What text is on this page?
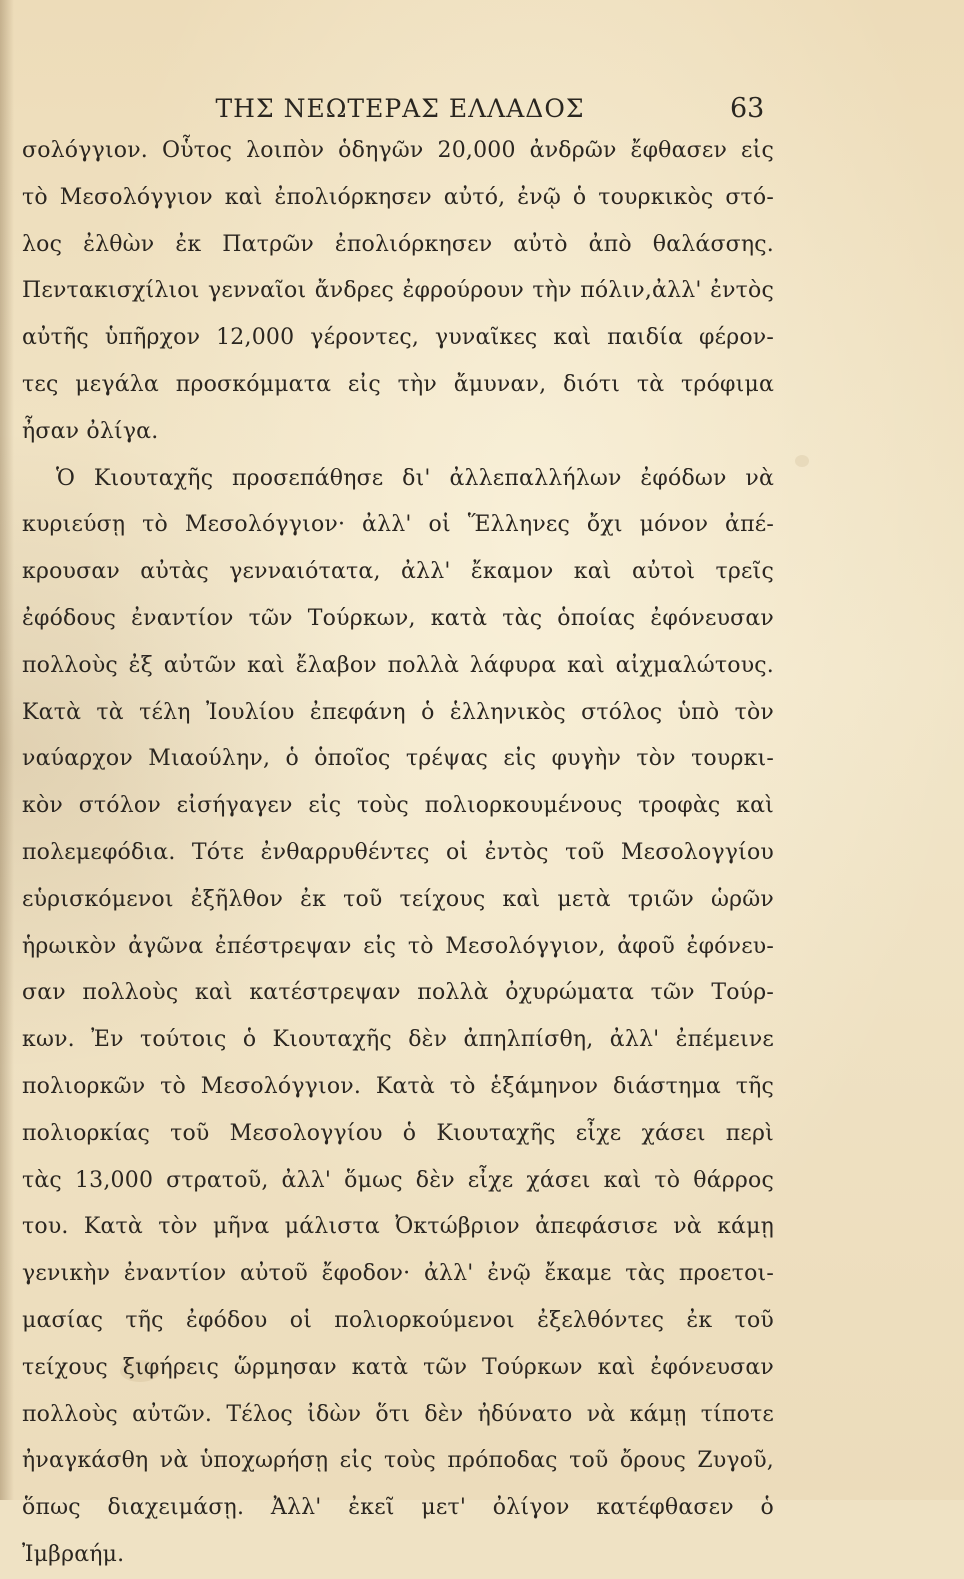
ΤΗΣ ΝΕΩΤΕΡΑΣ ΕΛΛΑΔΟΣ	63
σολόγγιον. Οὗτος λοιπὸν ὁδηγῶν 20,000 ἀνδρῶν ἔφθασεν εἰς
τὸ Μεσολόγγιον καὶ ἐπολιόρκησεν αὐτό, ἐνῷ ὁ τουρκικὸς στό-
λος ἐλθὼν ἐκ Πατρῶν ἐπολιόρκησεν αὐτὸ ἀπὸ θαλάσσης.
Πεντακισχίλιοι γενναῖοι ἄνδρες ἐφρούρουν τὴν πόλιν,ἀλλ' ἐντὸς
αὐτῆς ὑπῆρχον 12,000 γέροντες, γυναῖκες καὶ παιδία φέρον-
τες μεγάλα προσκόμματα εἰς τὴν ἄμυναν, διότι τὰ τρόφιμα
ἦσαν ὀλίγα.
Ὁ Κιουταχῆς προσεπάθησε δι' ἀλλεπαλλήλων ἐφόδων νὰ
κυριεύσῃ τὸ Μεσολόγγιον· ἀλλ' οἱ Ἕλληνες ὄχι μόνον ἀπέ-
κρουσαν αὐτὰς γενναιότατα, ἀλλ' ἔκαμον καὶ αὐτοὶ τρεῖς
ἐφόδους ἐναντίον τῶν Τούρκων, κατὰ τὰς ὁποίας ἐφόνευσαν
πολλοὺς ἐξ αὐτῶν καὶ ἔλαβον πολλὰ λάφυρα καὶ αἰχμαλώτους.
Κατὰ τὰ τέλη Ἰουλίου ἐπεφάνη ὁ ἑλληνικὸς στόλος ὑπὸ τὸν
ναύαρχον Μιαούλην, ὁ ὁποῖος τρέψας εἰς φυγὴν τὸν τουρκι-
κὸν στόλον εἰσήγαγεν εἰς τοὺς πολιορκουμένους τροφὰς καὶ
πολεμεφόδια. Τότε ἐνθαρρυθέντες οἱ ἐντὸς τοῦ Μεσολογγίου
εὑρισκόμενοι ἐξῆλθον ἐκ τοῦ τείχους καὶ μετὰ τριῶν ὡρῶν
ἡρωικὸν ἀγῶνα ἐπέστρεψαν εἰς τὸ Μεσολόγγιον, ἀφοῦ ἐφόνευ-
σαν πολλοὺς καὶ κατέστρεψαν πολλὰ ὀχυρώματα τῶν Τούρ-
κων. Ἐν τούτοις ὁ Κιουταχῆς δὲν ἀπηλπίσθη, ἀλλ' ἐπέμεινε
πολιορκῶν τὸ Μεσολόγγιον. Κατὰ τὸ ἑξάμηνον διάστημα τῆς
πολιορκίας τοῦ Μεσολογγίου ὁ Κιουταχῆς εἶχε χάσει περὶ
τὰς 13,000 στρατοῦ, ἀλλ' ὅμως δὲν εἶχε χάσει καὶ τὸ θάρρος
του. Κατὰ τὸν μῆνα μάλιστα Ὀκτώβριον ἀπεφάσισε νὰ κάμῃ
γενικὴν ἐναντίον αὐτοῦ ἔφοδον· ἀλλ' ἐνῷ ἔκαμε τὰς προετοι-
μασίας τῆς ἐφόδου οἱ πολιορκούμενοι ἐξελθόντες ἐκ τοῦ
τείχους ξιφήρεις ὥρμησαν κατὰ τῶν Τούρκων καὶ ἐφόνευσαν
πολλοὺς αὐτῶν. Τέλος ἰδὼν ὅτι δὲν ἠδύνατο νὰ κάμῃ τίποτε
ἠναγκάσθη νὰ ὑποχωρήσῃ εἰς τοὺς πρόποδας τοῦ ὄρους Ζυγοῦ,
ὅπως διαχειμάσῃ. Ἀλλ' ἐκεῖ μετ' ὀλίγον κατέφθασεν ὁ
Ἰμβραήμ.
